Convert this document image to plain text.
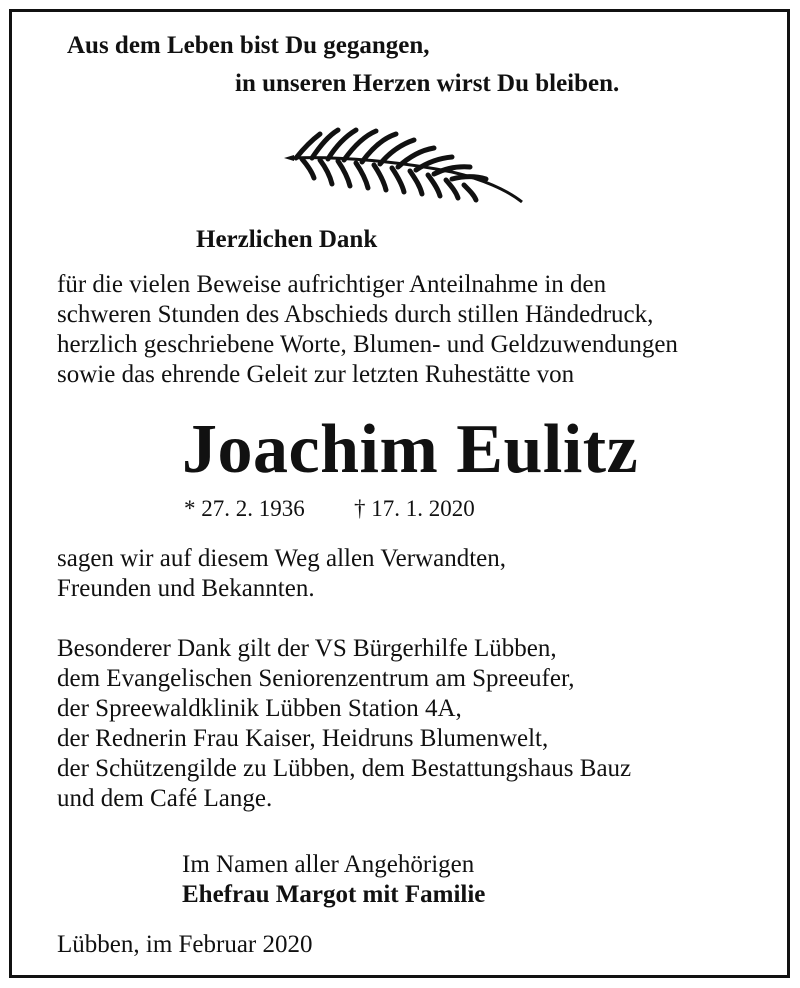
Aus dem Leben bist Du gegangen,
in unseren Herzen wirst Du bleiben.
Herzlichen Dank
für die vielen Beweise aufrichtiger Anteilnahme in den
schweren Stunden des Abschieds durch stillen Händedruck,
herzlich geschriebene Worte, Blumen- und Geldzuwendungen
sowie das ehrende Geleit zur letzten Ruhestätte von
Joachim Eulitz
* 27. 2. 1936 † 17. 1. 2020
sagen wir auf diesem Weg allen Verwandten,
Freunden und Bekannten.
Besonderer Dank gilt der VS Bürgerhilfe Lübben,
dem Evangelischen Seniorenzentrum am Spreeufer,
der Spreewaldklinik Lübben Station 4A,
der Rednerin Frau Kaiser, Heidruns Blumenwelt,
der Schützengilde zu Lübben, dem Bestattungshaus Bauz
und dem Café Lange.
Im Namen aller Angehörigen
Ehefrau Margot mit Familie
Lübben, im Februar 2020
